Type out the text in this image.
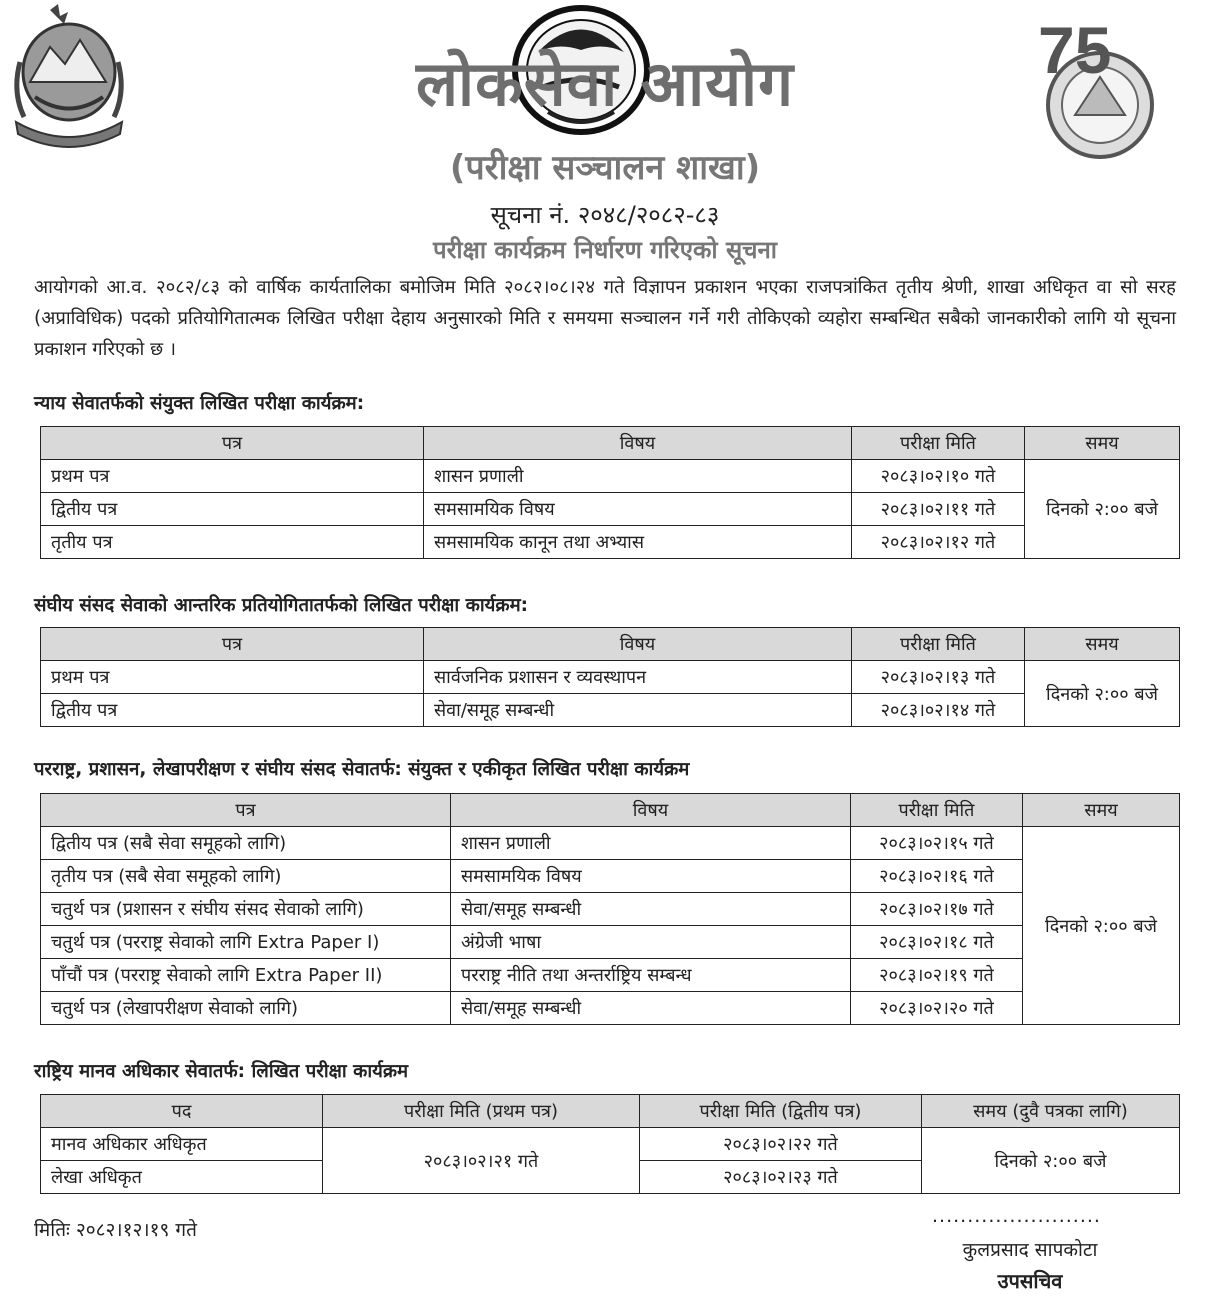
75
लोकसेवा आयोग
(परीक्षा सञ्चालन शाखा)
सूचना नं. २०४८/२०८२-८३
परीक्षा कार्यक्रम निर्धारण गरिएको सूचना
आयोगको आ.व. २०८२/८३ को वार्षिक कार्यतालिका बमोजिम मिति २०८२।०८।२४ गते विज्ञापन प्रकाशन भएका राजपत्रांकित तृतीय श्रेणी, शाखा अधिकृत वा सो सरह (अप्राविधिक) पदको प्रतियोगितात्मक लिखित परीक्षा देहाय अनुसारको मिति र समयमा सञ्चालन गर्ने गरी तोकिएको व्यहोरा सम्बन्धित सबैको जानकारीको लागि यो सूचना प्रकाशन गरिएको छ ।
न्याय सेवातर्फको संयुक्त लिखित परीक्षा कार्यक्रम:
पत्र	विषय	परीक्षा मिति	समय
प्रथम पत्र	शासन प्रणाली	२०८३।०२।१० गते	दिनको २:०० बजे
द्वितीय पत्र	समसामयिक विषय	२०८३।०२।११ गते	
तृतीय पत्र	समसामयिक कानून तथा अभ्यास	२०८३।०२।१२ गते	
संघीय संसद सेवाको आन्तरिक प्रतियोगितातर्फको लिखित परीक्षा कार्यक्रम:
पत्र	विषय	परीक्षा मिति	समय
प्रथम पत्र	सार्वजनिक प्रशासन र व्यवस्थापन	२०८३।०२।१३ गते	दिनको २:०० बजे
द्वितीय पत्र	सेवा/समूह सम्बन्धी	२०८३।०२।१४ गते	
परराष्ट्र, प्रशासन, लेखापरीक्षण र संघीय संसद सेवातर्फ: संयुक्त र एकीकृत लिखित परीक्षा कार्यक्रम
पत्र	विषय	परीक्षा मिति	समय
द्वितीय पत्र (सबै सेवा समूहको लागि)	शासन प्रणाली	२०८३।०२।१५ गते	दिनको २:०० बजे
तृतीय पत्र (सबै सेवा समूहको लागि)	समसामयिक विषय	२०८३।०२।१६ गते	
चतुर्थ पत्र (प्रशासन र संघीय संसद सेवाको लागि)	सेवा/समूह सम्बन्धी	२०८३।०२।१७ गते	
चतुर्थ पत्र (परराष्ट्र सेवाको लागि Extra Paper I)	अंग्रेजी भाषा	२०८३।०२।१८ गते	
पाँचौं पत्र (परराष्ट्र सेवाको लागि Extra Paper II)	परराष्ट्र नीति तथा अन्तर्राष्ट्रिय सम्बन्ध	२०८३।०२।१९ गते	
चतुर्थ पत्र (लेखापरीक्षण सेवाको लागि)	सेवा/समूह सम्बन्धी	२०८३।०२।२० गते	
राष्ट्रिय मानव अधिकार सेवातर्फ: लिखित परीक्षा कार्यक्रम
पद	परीक्षा मिति (प्रथम पत्र)	परीक्षा मिति (द्वितीय पत्र)	समय (दुवै पत्रका लागि)
मानव अधिकार अधिकृत	२०८३।०२।२१ गते	२०८३।०२।२२ गते	दिनको २:०० बजे
लेखा अधिकृत		२०८३।०२।२३ गते	
मितिः २०८२।१२।१९ गते
........................
कुलप्रसाद सापकोटा
उपसचिव
